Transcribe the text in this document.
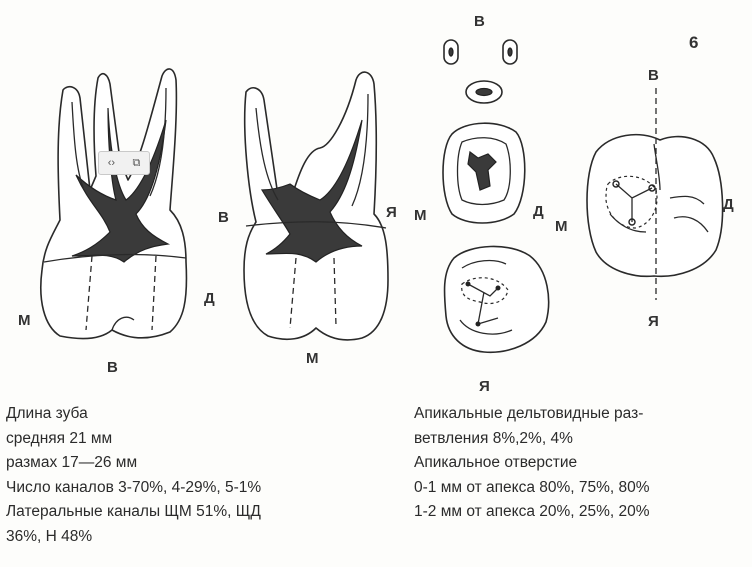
В
М
Д
В	Я
М
В
М	Д
Я
6
В
М
Д
Я
‹› ⧉
Длина зуба
средняя 21 мм
размах 17—26 мм
Число каналов 3-70%, 4-29%, 5-1%
Латеральные каналы ЩМ 51%, ЩД
36%, Н 48%
Апикальные дельтовидные раз-
ветвления 8%,2%, 4%
Апикальное отверстие
0-1 мм от апекса 80%, 75%, 80%
1-2 мм от апекса 20%, 25%, 20%
